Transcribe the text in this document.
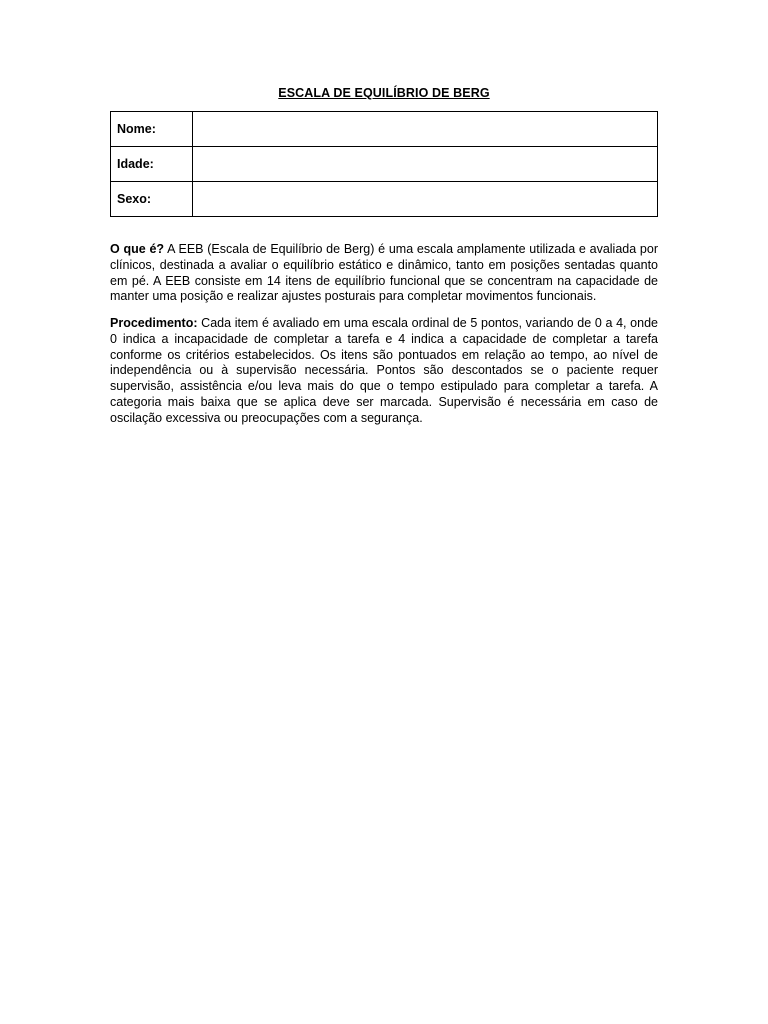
ESCALA DE EQUILÍBRIO DE BERG
Nome:	
Idade:	
Sexo:	

O que é? A EEB (Escala de Equilíbrio de Berg) é uma escala amplamente utilizada e avaliada por clínicos, destinada a avaliar o equilíbrio estático e dinâmico, tanto em posições sentadas quanto em pé. A EEB consiste em 14 itens de equilíbrio funcional que se concentram na capacidade de manter uma posição e realizar ajustes posturais para completar movimentos funcionais.

Procedimento: Cada item é avaliado em uma escala ordinal de 5 pontos, variando de 0 a 4, onde 0 indica a incapacidade de completar a tarefa e 4 indica a capacidade de completar a tarefa conforme os critérios estabelecidos. Os itens são pontuados em relação ao tempo, ao nível de independência ou à supervisão necessária. Pontos são descontados se o paciente requer supervisão, assistência e/ou leva mais do que o tempo estipulado para completar a tarefa. A categoria mais baixa que se aplica deve ser marcada. Supervisão é necessária em caso de oscilação excessiva ou preocupações com a segurança.
